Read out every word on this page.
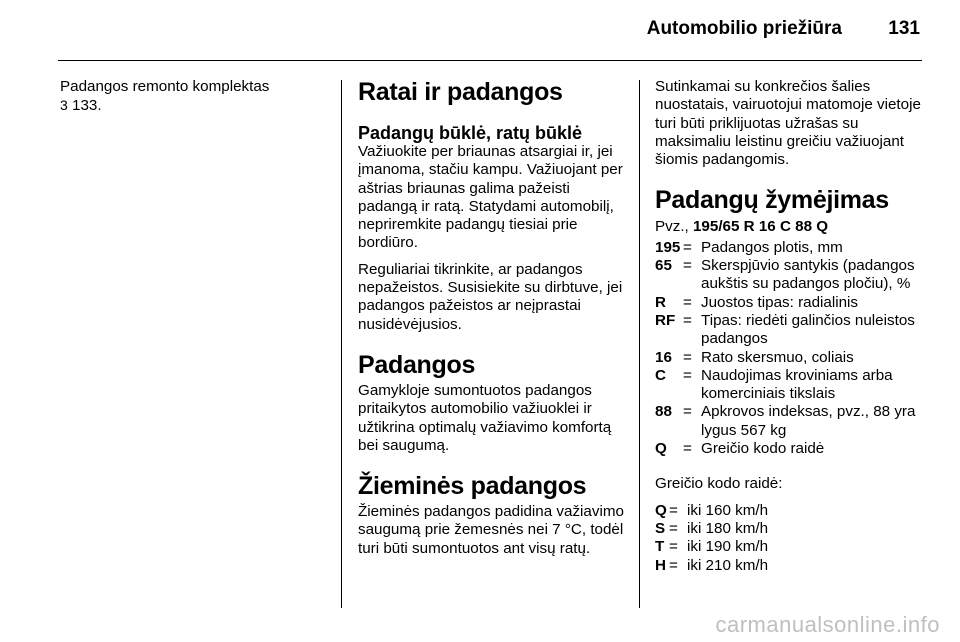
Automobilio priežiūra 131

Padangos remonto komplektas

3 133.	Ratai ir padangos
Padangų būklė, ratų būklė

Važiuokite per briaunas atsargiai ir, jei įmanoma, stačiu kampu. Važiuojant per aštrias briaunas galima pažeisti padangą ir ratą. Statydami automobilį, nepriremkite padangų tiesiai prie bordiūro.

Reguliariai tikrinkite, ar padangos nepažeistos. Susisiekite su dirbtuve, jei padangos pažeistos ar neįprastai nusidėvėjusios.

Padangos

Gamykloje sumontuotos padangos pritaikytos automobilio važiuoklei ir užtikrina optimalų važiavimo komfortą bei saugumą.

Žieminės padangos

Žieminės padangos padidina važiavimo saugumą prie žemesnės nei 7 °C, todėl turi būti sumontuotos ant visų ratų.

Sutinkamai su konkrečios šalies nuostatais, vairuotojui matomoje vietoje turi būti priklijuotas užrašas su maksimaliu leistinu greičiu važiuojant šiomis padangomis.

Padangų žymėjimas

Pvz., 195/65 R 16 C 88 Q

195 = Padangos plotis, mm
65 = Skerspjūvio santykis (padangos aukštis su padangos pločiu), %
R	= Juostos tipas: radialinis
RF = Tipas: riedėti galinčios nuleistos padangos
16 = Rato skersmuo, coliais
C	= Naudojimas kroviniams arba komerciniais tikslais
88 = Apkrovos indeksas, pvz., 88 yra lygus 567 kg
Q	= Greičio kodo raidė

Greičio kodo raidė:

Q = iki 160 km/h
S = iki 180 km/h
T = iki 190 km/h
H = iki 210 km/h
carmanualsonline.info
